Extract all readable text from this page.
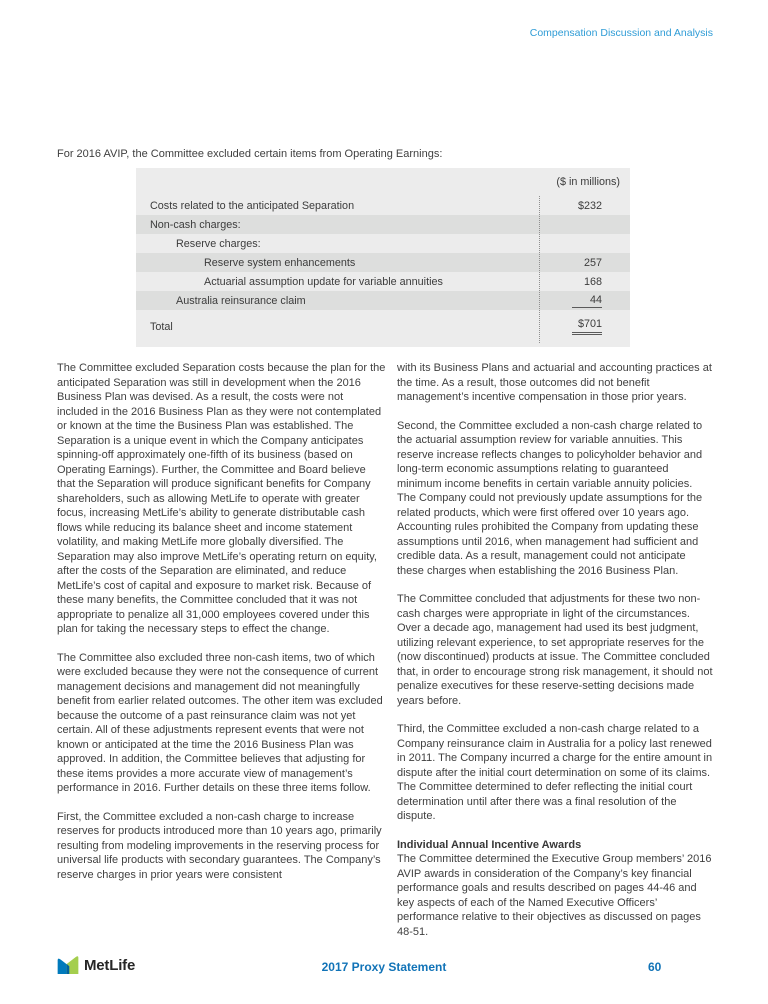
Compensation Discussion and Analysis
For 2016 AVIP, the Committee excluded certain items from Operating Earnings:
($ in millions)
Costs related to the anticipated Separation	$232
Non-cash charges:
Reserve charges:
Reserve system enhancements	257
Actuarial assumption update for variable annuities	168
Australia reinsurance claim	44
Total	$701

The Committee excluded Separation costs because the plan for the anticipated Separation was still in development when the 2016 Business Plan was devised. As a result, the costs were not included in the 2016 Business Plan as they were not contemplated or known at the time the Business Plan was established. The Separation is a unique event in which the Company anticipates spinning-off approximately one-fifth of its business (based on Operating Earnings). Further, the Committee and Board believe that the Separation will produce significant benefits for Company shareholders, such as allowing MetLife to operate with greater focus, increasing MetLife’s ability to generate distributable cash flows while reducing its balance sheet and income statement volatility, and making MetLife more globally diversified. The Separation may also improve MetLife’s operating return on equity, after the costs of the Separation are eliminated, and reduce MetLife’s cost of capital and exposure to market risk. Because of these many benefits, the Committee concluded that it was not appropriate to penalize all 31,000 employees covered under this plan for taking the necessary steps to effect the change.

The Committee also excluded three non-cash items, two of which were excluded because they were not the consequence of current management decisions and management did not meaningfully benefit from earlier related outcomes. The other item was excluded because the outcome of a past reinsurance claim was not yet certain. All of these adjustments represent events that were not known or anticipated at the time the 2016 Business Plan was approved. In addition, the Committee believes that adjusting for these items provides a more accurate view of management’s performance in 2016. Further details on these three items follow.

First, the Committee excluded a non-cash charge to increase reserves for products introduced more than 10 years ago, primarily resulting from modeling improvements in the reserving process for universal life products with secondary guarantees. The Company’s reserve charges in prior years were consistent

with its Business Plans and actuarial and accounting practices at the time. As a result, those outcomes did not benefit management’s incentive compensation in those prior years.

Second, the Committee excluded a non-cash charge related to the actuarial assumption review for variable annuities. This reserve increase reflects changes to policyholder behavior and long-term economic assumptions relating to guaranteed minimum income benefits in certain variable annuity policies. The Company could not previously update assumptions for the related products, which were first offered over 10 years ago. Accounting rules prohibited the Company from updating these assumptions until 2016, when management had sufficient and credible data. As a result, management could not anticipate these charges when establishing the 2016 Business Plan.

The Committee concluded that adjustments for these two non-cash charges were appropriate in light of the circumstances. Over a decade ago, management had used its best judgment, utilizing relevant experience, to set appropriate reserves for the (now discontinued) products at issue. The Committee concluded that, in order to encourage strong risk management, it should not penalize executives for these reserve-setting decisions made years before.

Third, the Committee excluded a non-cash charge related to a Company reinsurance claim in Australia for a policy last renewed in 2011. The Company incurred a charge for the entire amount in dispute after the initial court determination on some of its claims. The Committee determined to defer reflecting the initial court determination until after there was a final resolution of the dispute.

Individual Annual Incentive Awards

The Committee determined the Executive Group members’ 2016 AVIP awards in consideration of the Company’s key financial performance goals and results described on pages 44-46 and key aspects of each of the Named Executive Officers’ performance relative to their objectives as discussed on pages 48-51.

MetLife	2017 Proxy Statement	60
